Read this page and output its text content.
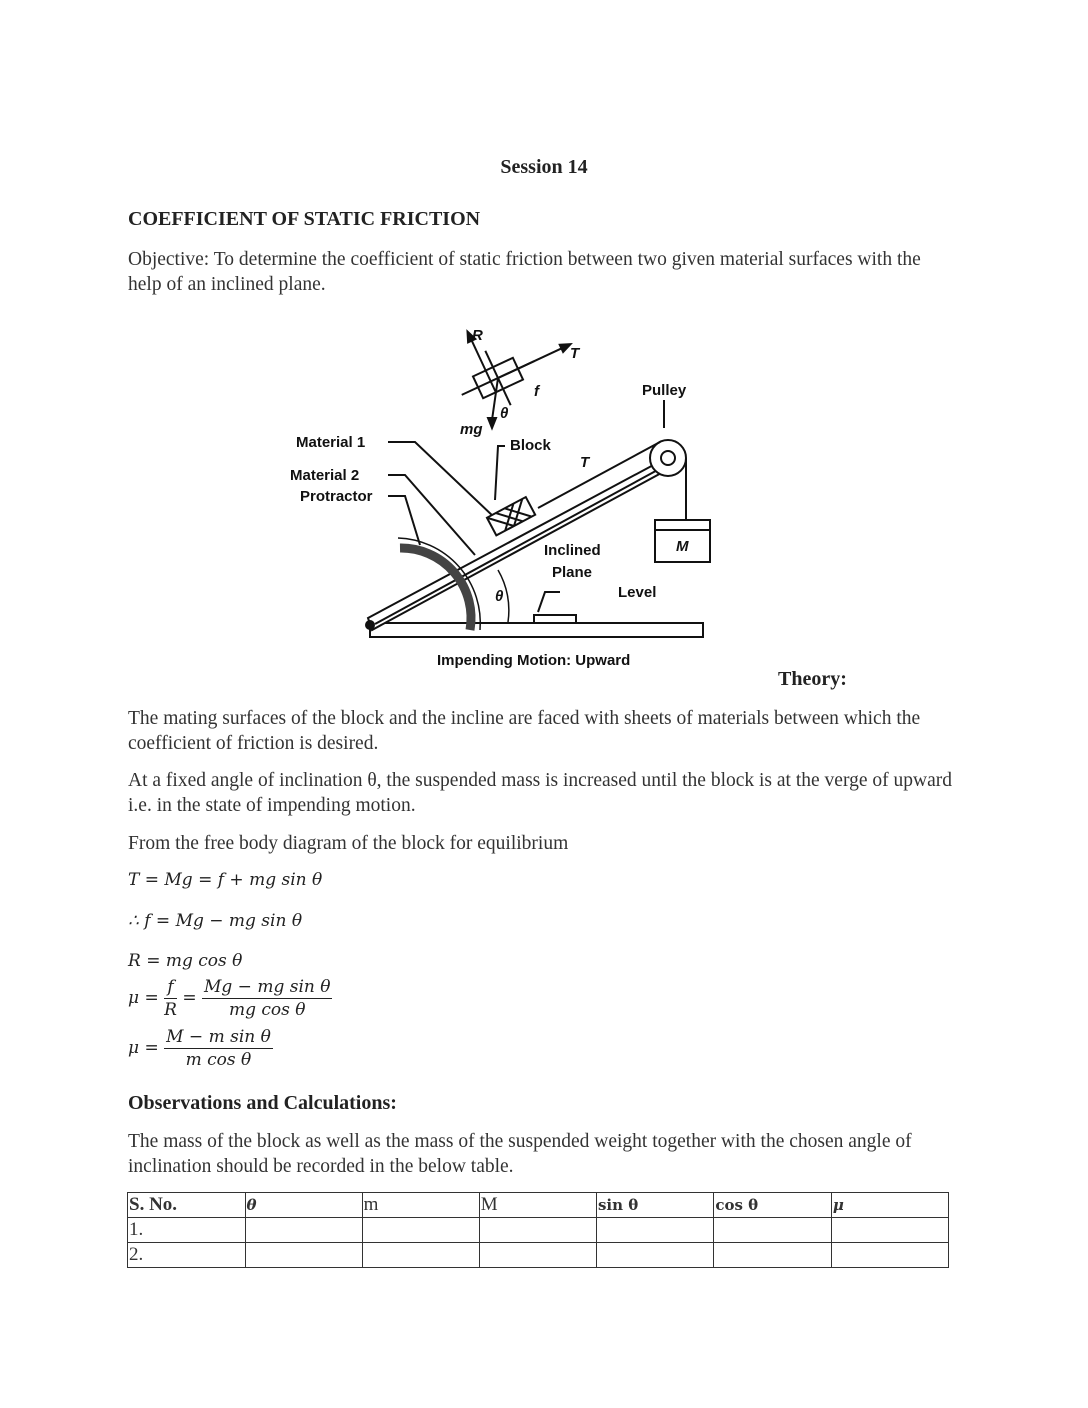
Session 14
COEFFICIENT OF STATIC FRICTION
Objective: To determine the coefficient of static friction between two given material surfaces with the help of an inclined plane.
R
T
f
θ
mg
Pulley
Material 1
Material 2
Protractor
Block
T
M
Inclined
Plane
Level
θ
Impending Motion: Upward
Theory:
The mating surfaces of the block and the incline are faced with sheets of materials between which the coefficient of friction is desired.
At a fixed angle of inclination θ, the suspended mass is increased until the block is at the verge of upward i.e. in the state of impending motion.
From the free body diagram of the block for equilibrium
T = Mg = f + mg sin θ
∴ f = Mg − mg sin θ
R = mg cos θ
$\mu = \frac{f}{R} = \frac{\text{Mg − mg sin θ}}{\text{mg cos θ}}$
$\mu = \frac{\text{M − m sin θ}}{\text{m cos θ}}$
Observations and Calculations:
The mass of the block as well as the mass of the suspended weight together with the chosen angle of inclination should be recorded in the below table.
S. No.	θ	m	M	sin θ	cos θ	μ
1.						
2.						
